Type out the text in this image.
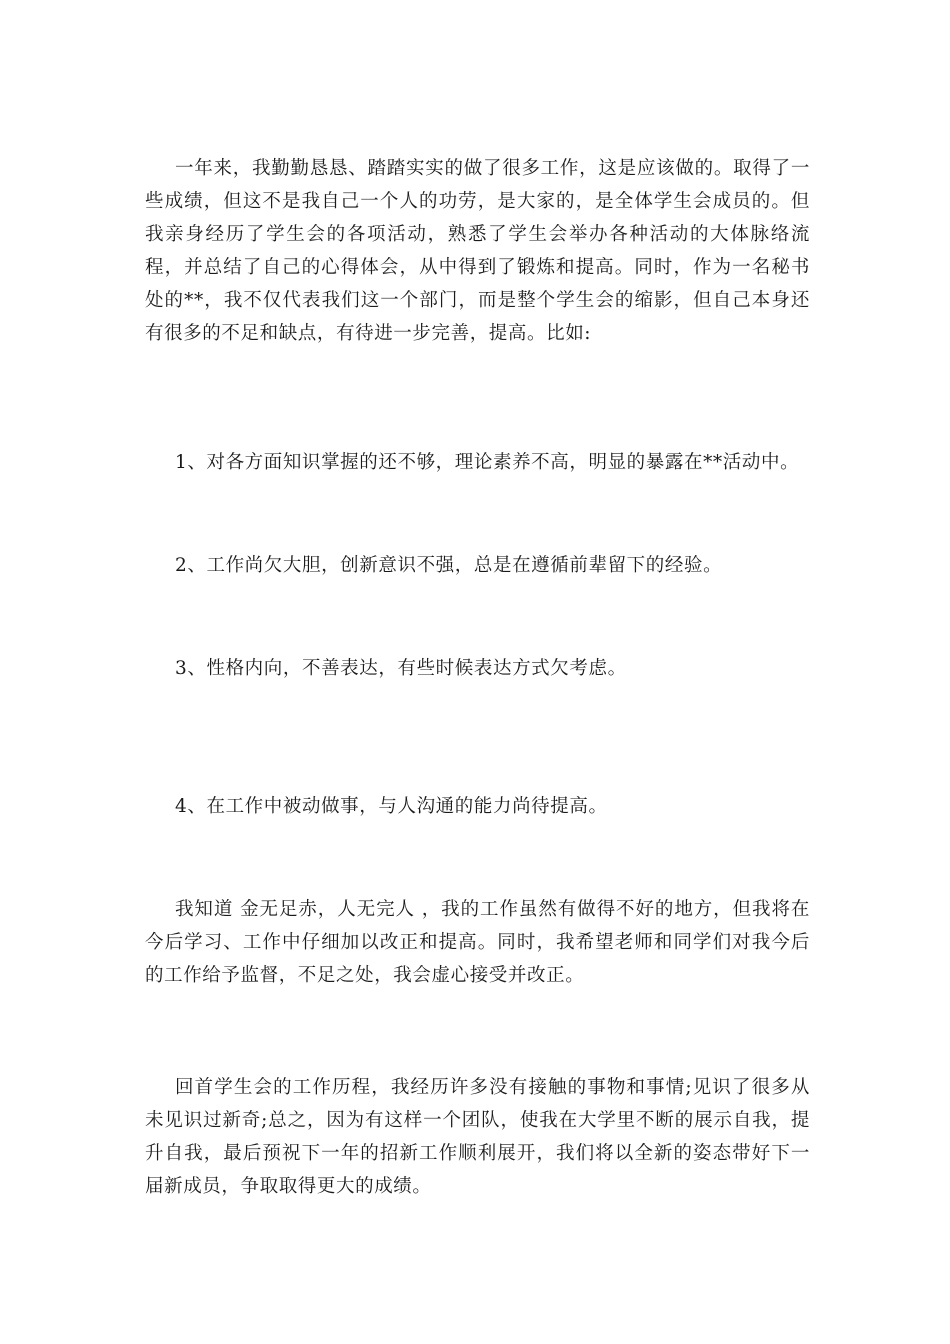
一年来，我勤勤恳恳、踏踏实实的做了很多工作，这是应该做的。取得了一些成绩，但这不是我自己一个人的功劳，是大家的，是全体学生会成员的。但我亲身经历了学生会的各项活动，熟悉了学生会举办各种活动的大体脉络流程，并总结了自己的心得体会，从中得到了锻炼和提高。同时，作为一名秘书处的**，我不仅代表我们这一个部门，而是整个学生会的缩影，但自己本身还有很多的不足和缺点，有待进一步完善，提高。比如:

1、对各方面知识掌握的还不够，理论素养不高，明显的暴露在**活动中。

2、工作尚欠大胆，创新意识不强，总是在遵循前辈留下的经验。

3、性格内向，不善表达，有些时候表达方式欠考虑。

4、在工作中被动做事，与人沟通的能力尚待提高。

我知道 金无足赤，人无完人 ，我的工作虽然有做得不好的地方，但我将在今后学习、工作中仔细加以改正和提高。同时，我希望老师和同学们对我今后的工作给予监督，不足之处，我会虚心接受并改正。

回首学生会的工作历程，我经历许多没有接触的事物和事情;见识了很多从未见识过新奇;总之，因为有这样一个团队，使我在大学里不断的展示自我，提升自我，最后预祝下一年的招新工作顺利展开，我们将以全新的姿态带好下一届新成员，争取取得更大的成绩。
